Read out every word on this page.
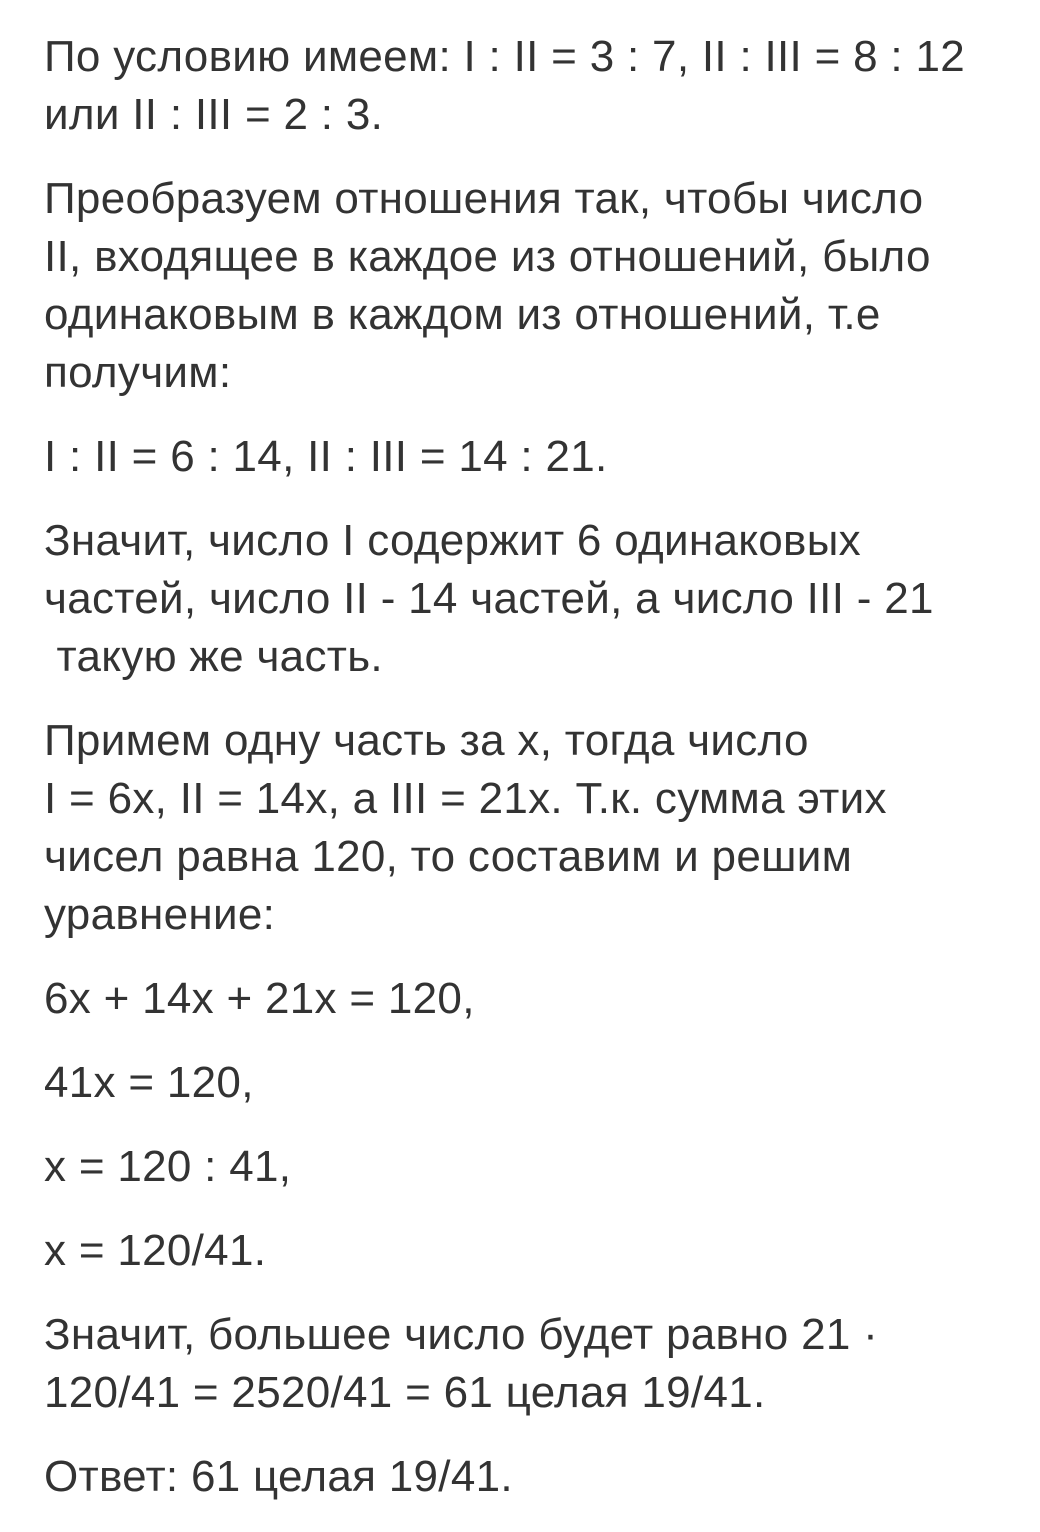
По условию имеем: I : II = 3 : 7, II : III = 8 : 12
или II : III = 2 : 3.

Преобразуем отношения так, чтобы число
II, входящее в каждое из отношений, было
одинаковым в каждом из отношений, т.е
получим:

I : II = 6 : 14, II : III = 14 : 21.

Значит, число I содержит 6 одинаковых
частей, число II - 14 частей, а число III - 21
такую же часть.

Примем одну часть за x, тогда число
I = 6x, II = 14x, а III = 21x. Т.к. сумма этих
чисел равна 120, то составим и решим
уравнение:

6x + 14x + 21x = 120,

41x = 120,

x = 120 : 41,

x = 120/41.

Значит, большее число будет равно 21 ·
120/41 = 2520/41 = 61 целая 19/41.

Ответ: 61 целая 19/41.
